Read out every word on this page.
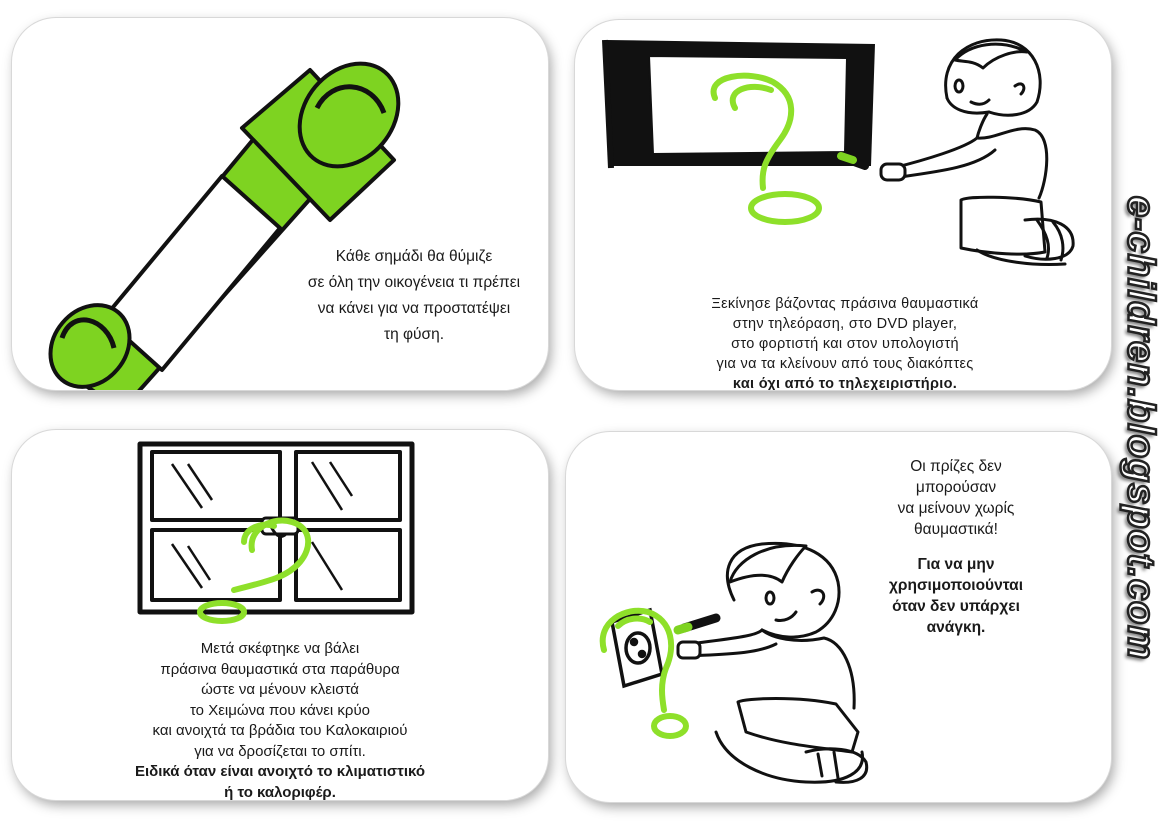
Κάθε σημάδι θα θύμιζε
σε όλη την οικογένεια τι πρέπει
να κάνει για να προστατέψει
τη φύση.
Ξεκίνησε βάζοντας πράσινα θαυμαστικά
στην τηλεόραση, στο DVD player,
στο φορτιστή και στον υπολογιστή
για να τα κλείνουν από τους διακόπτες
και όχι από το τηλεχειριστήριο.
Μετά σκέφτηκε να βάλει
πράσινα θαυμαστικά στα παράθυρα
ώστε να μένουν κλειστά
το Χειμώνα που κάνει κρύο
και ανοιχτά τα βράδια του Καλοκαιριού
για να δροσίζεται το σπίτι.
Ειδικά όταν είναι ανοιχτό το κλιματιστικό
ή το καλοριφέρ.
Οι πρίζες δεν
μπορούσαν
να μείνουν χωρίς
θαυμαστικά!
Για να μην
χρησιμοποιούνται
όταν δεν υπάρχει
ανάγκη.	e-children.blogspot.com
